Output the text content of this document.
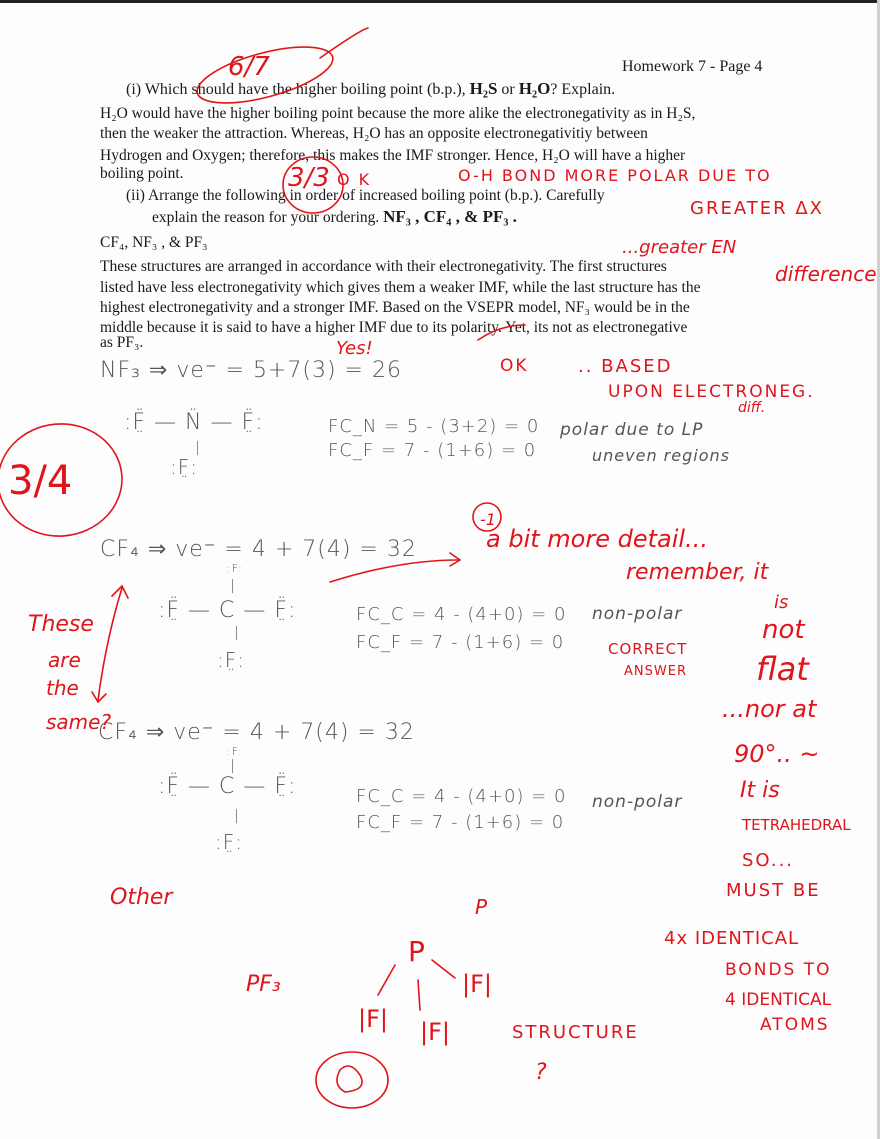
Homework 7 - Page 4
(i) Which should have the higher boiling point (b.p.), H₂S or H₂O? Explain.
H₂O would have the higher boiling point because the more alike the electronegativity as in H₂S,
then the weaker the attraction. Whereas, H₂O has an opposite electronegativitiy between
Hydrogen and Oxygen; therefore, this makes the IMF stronger. Hence, H₂O will have a higher
boiling point.
(ii) Arrange the following in order of increased boiling point (b.p.). Carefully
explain the reason for your ordering. NF₃ , CF₄ , & PF₃ .
CF₄, NF₃ , & PF₃
These structures are arranged in accordance with their electronegativity. The first structures
listed have less electronegativity which gives them a weaker IMF, while the last structure has the
highest electronegativity and a stronger IMF. Based on the VSEPR model, NF₃ would be in the
middle because it is said to have a higher IMF due to its polarity. Yet, its not as electronegative
as PF₃.
NF₃ ⇒ ve⁻ = 5+7(3) = 26
:F̤̈ — N̈ — F̤̈:
:F̤:
|
FC_N = 5 - (3+2) = 0
FC_F = 7 - (1+6) = 0
polar due to LP
uneven regions
CF₄ ⇒ ve⁻ = 4 + 7(4) = 32
:F:
|
:F̤̈ — C — F̤̈:
|
:F̤:
FC_C = 4 - (4+0) = 0
FC_F = 7 - (1+6) = 0
non-polar
CF₄ ⇒ ve⁻ = 4 + 7(4) = 32
:F:
|
:F̤̈ — C — F̤̈:
|
:F̤:
FC_C = 4 - (4+0) = 0
FC_F = 7 - (1+6) = 0
non-polar
6/7
3/3 O K	O-H BOND MORE POLAR DUE TO
GREATER ΔX
...greater EN
difference
Yes!
OK	.. BASED
UPON ELECTRONEG.
diff.
3/4
-1
a bit more detail...
remember, it
is
not
flat
...nor at
90°.. ~
It is
TETRAHEDRAL
SO...
MUST BE
4x IDENTICAL
BONDS TO
4 IDENTICAL
ATOMS
CORRECT
ANSWER
These
are
the
same?
Other
PF₃
P
P
|F|
|F|
|F|	STRUCTURE
?
